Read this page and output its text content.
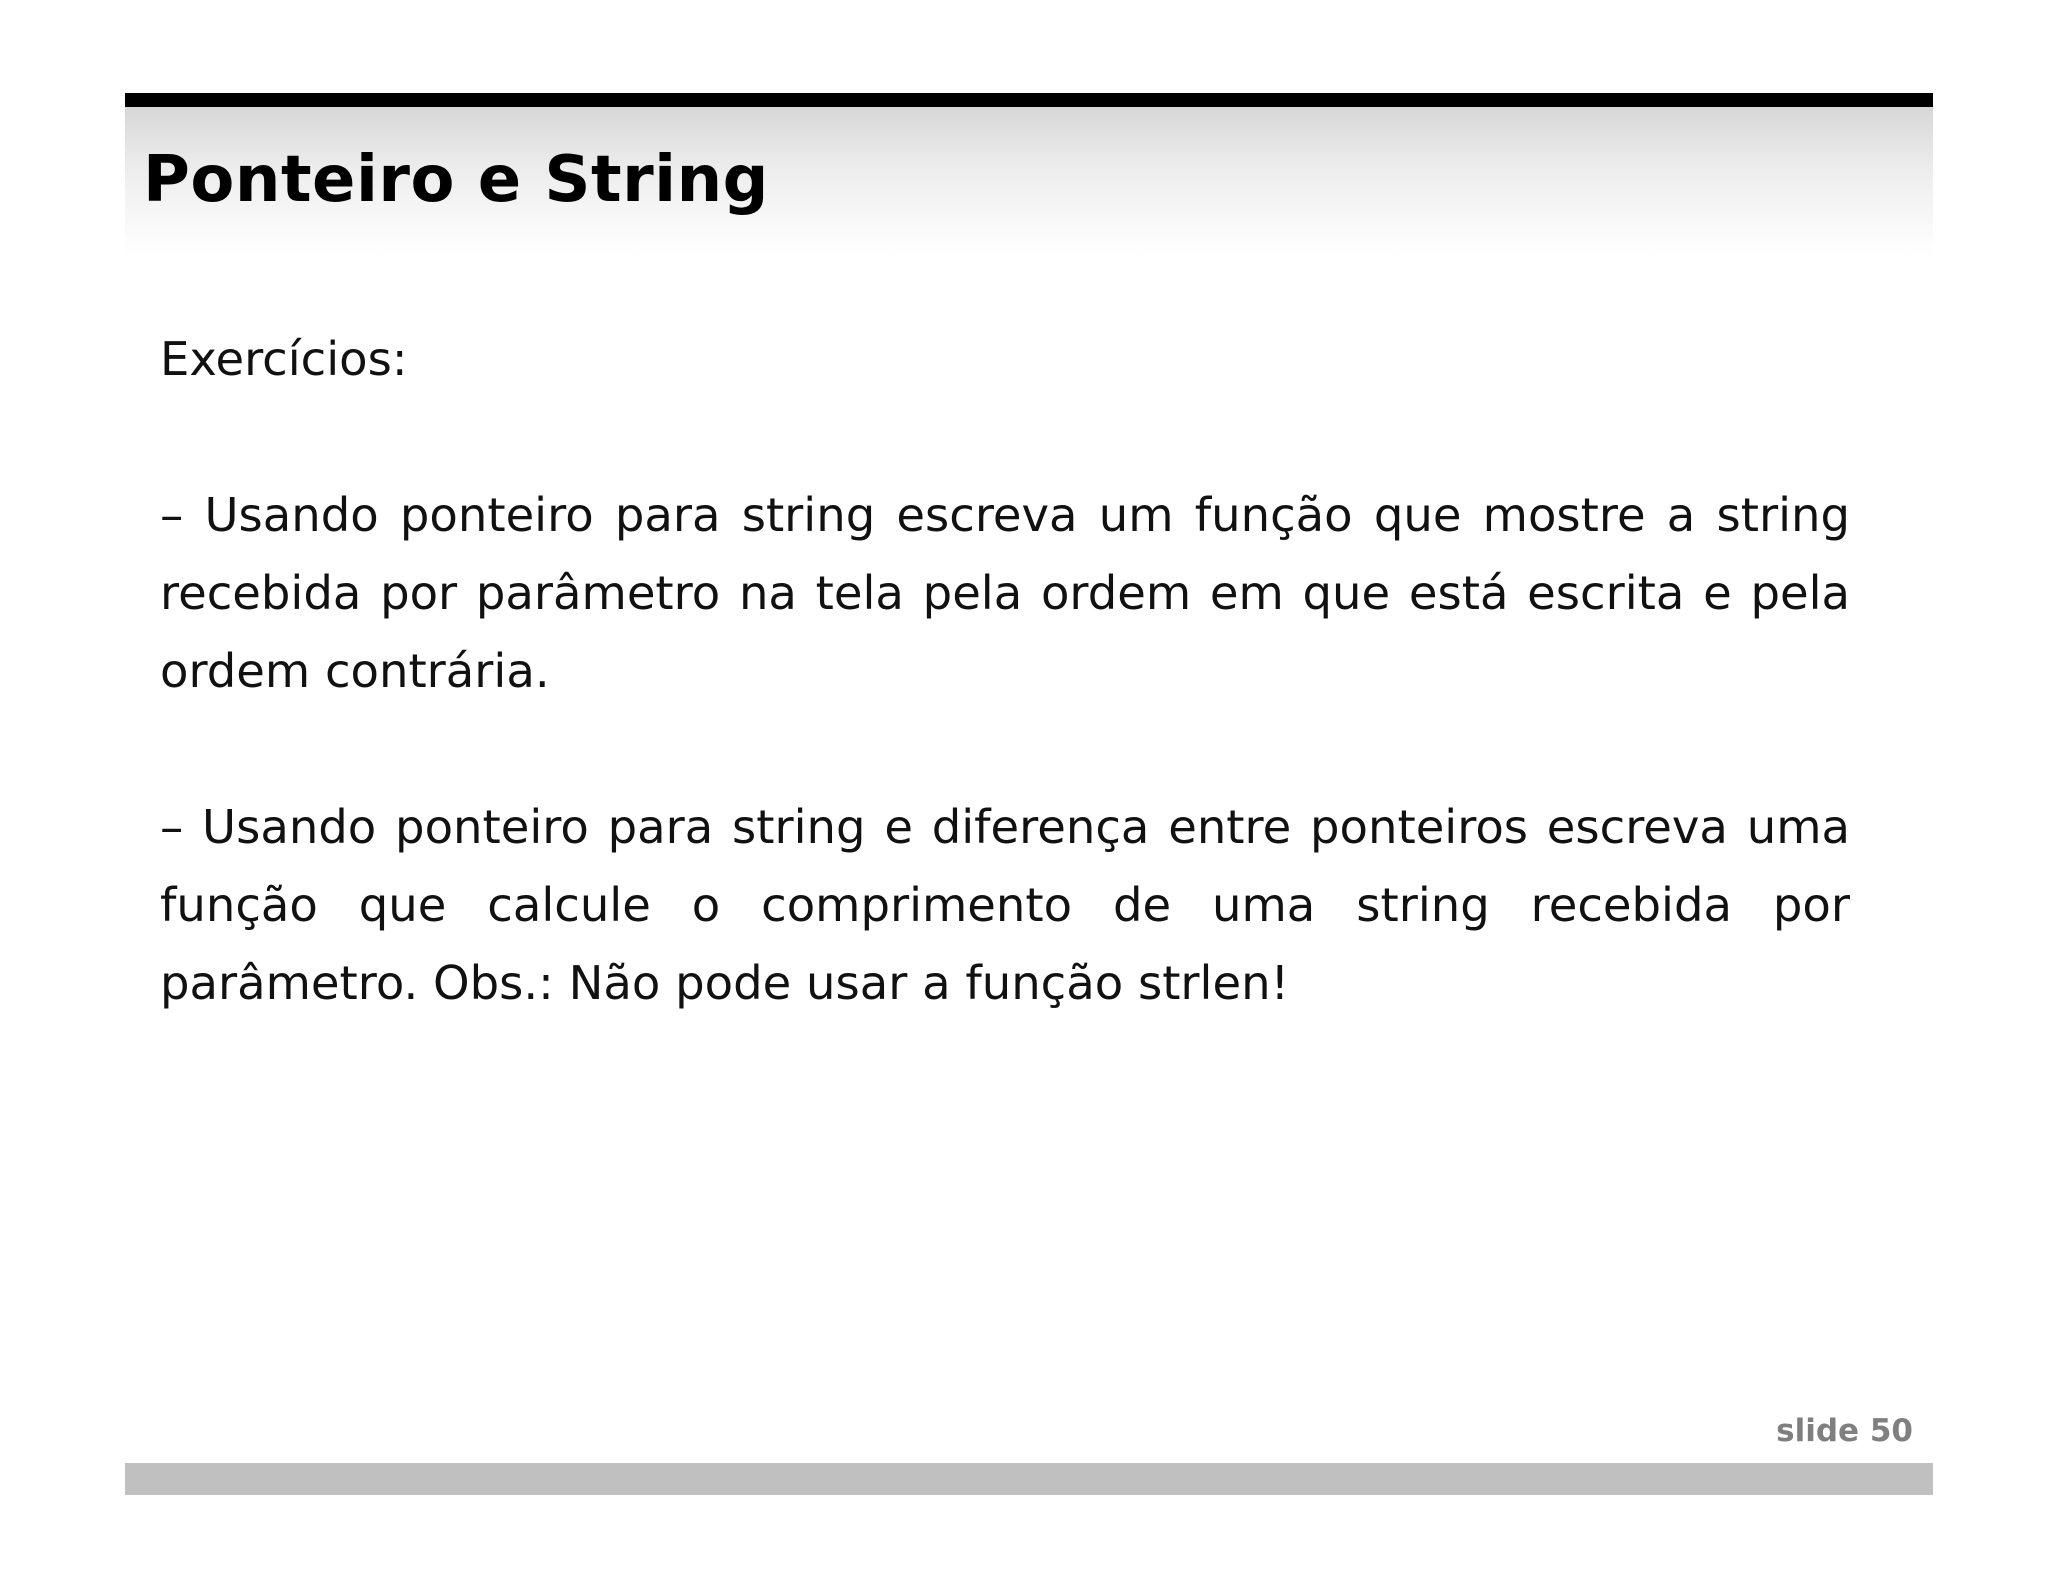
Ponteiro e String

Exercícios:

– Usando ponteiro para string escreva um função que mostre a string recebida por parâmetro na tela pela ordem em que está escrita e pela ordem contrária.

– Usando ponteiro para string e diferença entre ponteiros escreva uma função que calcule o comprimento de uma string recebida por parâmetro. Obs.: Não pode usar a função strlen!

slide 50
